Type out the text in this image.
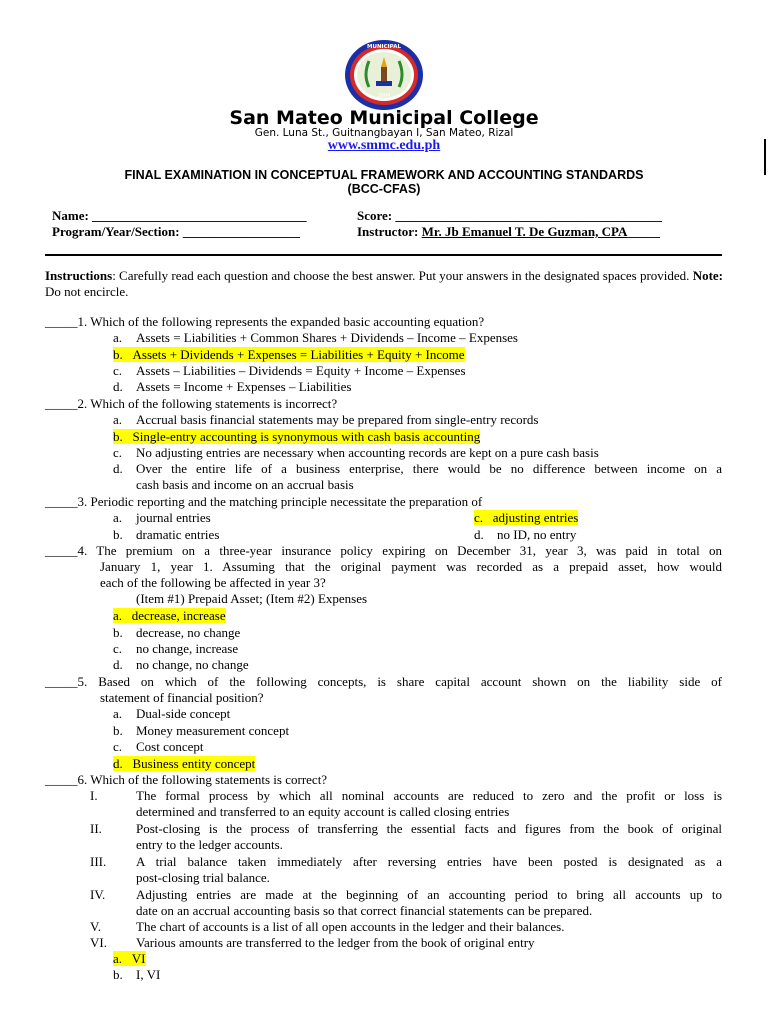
2004
MUNICIPAL
San Mateo Municipal College
Gen. Luna St., Guitnangbayan I, San Mateo, Rizal
www.smmc.edu.ph
FINAL EXAMINATION IN CONCEPTUAL FRAMEWORK AND ACCOUNTING STANDARDS
(BCC-CFAS)
Name: _________________________________	Score: _________________________________________
Program/Year/Section: __________________	Instructor: Mr. Jb Emanuel T. De Guzman, CPA_____
Instructions: Carefully read each question and choose the best answer. Put your answers in the designated spaces provided. Note: Do not encircle.
_____1. Which of the following represents the expanded basic accounting equation?
a. Assets = Liabilities + Common Shares + Dividends – Income – Expenses
b. Assets + Dividends + Expenses = Liabilities + Equity + Income
c. Assets – Liabilities – Dividends = Equity + Income – Expenses
d. Assets = Income + Expenses – Liabilities
_____2. Which of the following statements is incorrect?
a. Accrual basis financial statements may be prepared from single-entry records
b. Single-entry accounting is synonymous with cash basis accounting
c. No adjusting entries are necessary when accounting records are kept on a pure cash basis
d. Over the entire life of a business enterprise, there would be no difference between income on a
cash basis and income on an accrual basis
_____3. Periodic reporting and the matching principle necessitate the preparation of
a. journal entries	c. adjusting entries
b. dramatic entries	d. no ID, no entry
_____4. The premium on a three-year insurance policy expiring on December 31, year 3, was paid in total on
January 1, year 1. Assuming that the original payment was recorded as a prepaid asset, how would
each of the following be affected in year 3?
(Item #1) Prepaid Asset; (Item #2) Expenses
a. decrease, increase
b. decrease, no change
c. no change, increase
d. no change, no change
_____5. Based on which of the following concepts, is share capital account shown on the liability side of
statement of financial position?
a. Dual-side concept
b. Money measurement concept
c. Cost concept
d. Business entity concept
_____6. Which of the following statements is correct?
I.	The formal process by which all nominal accounts are reduced to zero and the profit or loss is
determined and transferred to an equity account is called closing entries
II.	Post-closing is the process of transferring the essential facts and figures from the book of original
entry to the ledger accounts.
III. A trial balance taken immediately after reversing entries have been posted is designated as a
post-closing trial balance.
IV. Adjusting entries are made at the beginning of an accounting period to bring all accounts up to
date on an accrual accounting basis so that correct financial statements can be prepared.
V.	The chart of accounts is a list of all open accounts in the ledger and their balances.
VI. Various amounts are transferred to the ledger from the book of original entry
a. VI
b. I, VI
